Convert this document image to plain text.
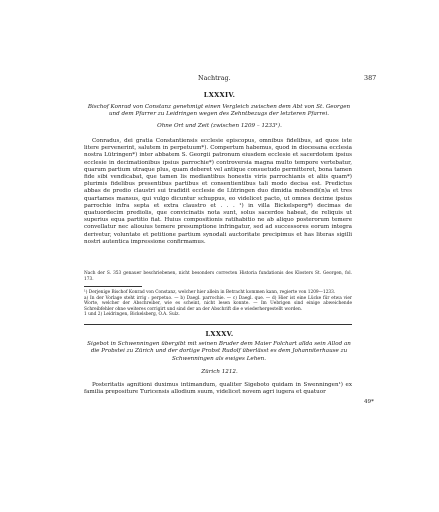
Nachtrag.	387
LXXXIV.
Bischof Konrad von Constanz genehmigt einen Vergleich zwischen dem Abt von St. Georgen und dem Pfarrer zu Leidringen wegen des Zehntbezugs der letzteren Pfarrei.
Ohne Ort und Zeit (zwischen 1209 – 1233¹).

Conradus, dei gratia Constantiensis ecclesie episcopus, omnibus fidelibus, ad quos iste litere pervenerint, salutem in perpetuum*). Compertum habemus, quod in diocesana ecclesia nostra Lütringen*) inter abbatem S. Georgii patronum eiusdem ecclesie et sacerdotem ipsius ecclesie in decimationibus ipsius parrochie*) controversia magna multo tempore vertebatur, quarum partium utraque plus, quam deberet vel antique consuetudo permitteret, bona tamen fide sibi vendicabat, que tamen lis mediantibus honestis viris parrochianis et aliis quam*) plurimis fidelibus presentibus partibus et consentientibus tali modo decisa est. Predictus abbas de predio claustri sui tradidit ecclesie de Lütringen duo dimidia mobendi(n)a et tres quartames mansus, qui vulgo dicuntur schuppus, eo videlicet pacto, ut omnes decime ipsius parrochie infra septa et extra claustro et . . . ¹) in villa Bickelsperg*) decimas de quatuordecim prediolis, que convicinatis nota sunt, solus sacerdos habeat, de reliquis ut superius equa partitio fiat. Huius compositionis ratihabitio ne ab aliquo posterorum temere convellatur nec aliouius temere presumptione infringatur, sed ad successores eorum integra derivetur, voluntate et petitione partium synodali auctoritate precipimus et has literas sigilli nostri autentica impressione confirmamus.

Nach der S. 353 genauer beschriebenen, nicht besonders correcten Historia fundationis des Klosters St. Georgen, fol. 173.
¹) Derjenige Bischof Konrad von Constanz, welcher hier allein in Betracht kommen kann, regierte von 1209—1233.
a) In der Vorlage steht irrig : perpetuo. — b) Daegl. parrochie. — c) Daegl. que. — d) Hier ist eine Lücke für etwa vier Worte, welcher der Abschreiber, wie es scheint, nicht lesen konnte. — Im Uebrigen sind einige abweichende Schreibfehler ohne weiteres corrigirt und sind der an der Abschrift die e wiederhergestellt worden.
1 und 2) Leidringen, Bickelsberg, O.A. Sulz.
LXXXV.
Sigebot in Schwenningen übergibt mit seinen Bruder dem Maier Folchart allda sein Allod an die Probstei zu Zürich und der dortige Probst Rudolf überlässt es dem Johanniterhause zu Schwenningen als ewiges Lehen.
Zürich 1212.

Posteritatis agnitioni duximus intimandum, qualiter Sigeboto quidam in Swenningen¹) ex familia prepositure Turicensis allodium suum, videlicet novem agri iugera et quatuor

49*
